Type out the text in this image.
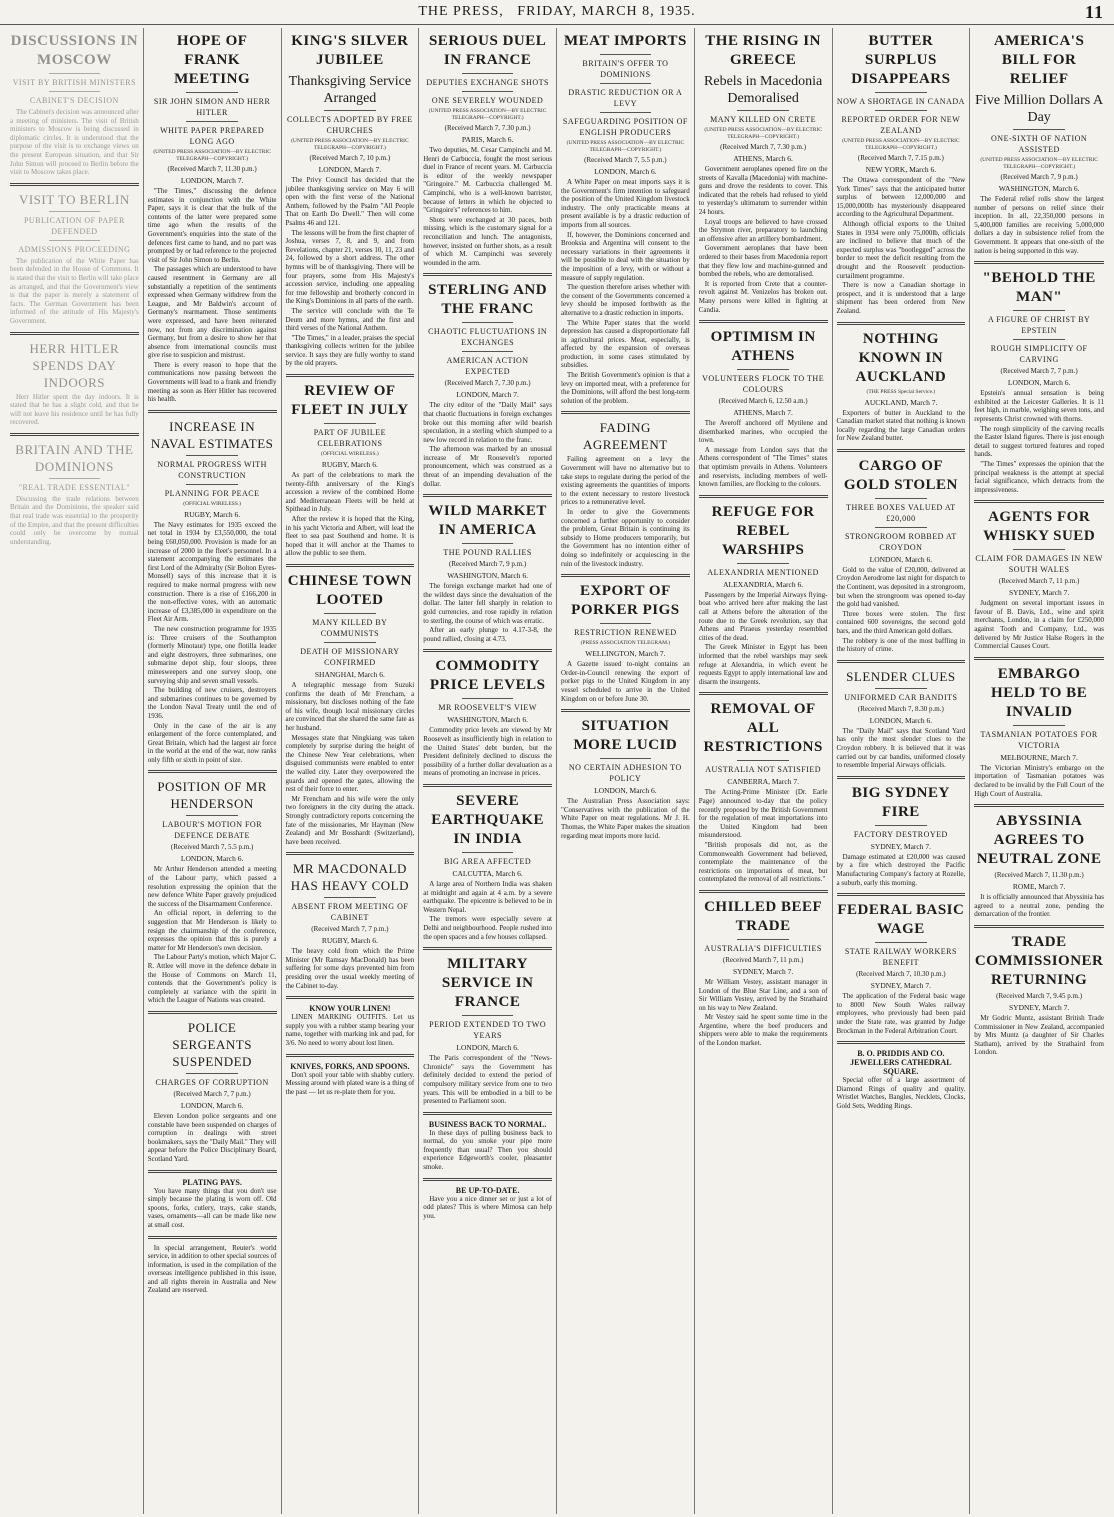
THE PRESS,
FRIDAY, MARCH 8, 1935.	11
DISCUSSIONS IN MOSCOW
VISIT BY BRITISH MINISTERS
CABINET'S DECISION

The Cabinet's decision was announced after a meeting of ministers. The visit of British ministers to Moscow is being discussed in diplomatic circles. It is understood that the purpose of the visit is to exchange views on the present European situation, and that Sir John Simon will proceed to Berlin before the visit to Moscow takes place.

VISIT TO BERLIN
PUBLICATION OF PAPER DEFENDED
ADMISSIONS PROCEEDING

The publication of the White Paper has been defended in the House of Commons. It is stated that the visit to Berlin will take place as arranged, and that the Government's view is that the paper is merely a statement of facts. The German Government has been informed of the attitude of His Majesty's Government.

HERR HITLER SPENDS DAY INDOORS

Herr Hitler spent the day indoors. It is stated that he has a slight cold, and that he will not leave his residence until he has fully recovered.

BRITAIN AND THE DOMINIONS
"REAL TRADE ESSENTIAL"

Discussing the trade relations between Britain and the Dominions, the speaker said that real trade was essential to the prosperity of the Empire, and that the present difficulties could only be overcome by mutual understanding.

HOPE OF FRANK MEETING
SIR JOHN SIMON AND HERR HITLER
WHITE PAPER PREPARED LONG AGO
(UNITED PRESS ASSOCIATION—BY ELECTRIC TELEGRAPH—COPYRIGHT.)
(Received March 7, 11.30 p.m.)
LONDON, March 7.

"The Times," discussing the defence estimates in conjunction with the White Paper, says it is clear that the bulk of the contents of the latter were prepared some time ago when the results of the Government's enquiries into the state of the defences first came to hand, and no part was prompted by or had reference to the projected visit of Sir John Simon to Berlin.

The passages which are understood to have caused resentment in Germany are all substantially a repetition of the sentiments expressed when Germany withdrew from the League, and Mr Baldwin's account of Germany's rearmament. Those sentiments were expressed, and have been reiterated now, not from any discrimination against Germany, but from a desire to show her that absence from international councils must give rise to suspicion and mistrust.

There is every reason to hope that the communications now passing between the Governments will lead to a frank and friendly meeting as soon as Herr Hitler has recovered his health.

INCREASE IN NAVAL ESTIMATES
NORMAL PROGRESS WITH CONSTRUCTION
PLANNING FOR PEACE
(OFFICIAL WIRELESS.)
RUGBY, March 6.

The Navy estimates for 1935 exceed the net total in 1934 by £3,550,000, the total being £60,050,000. Provision is made for an increase of 2000 in the fleet's personnel. In a statement accompanying the estimates the first Lord of the Admiralty (Sir Bolton Eyres-Monsell) says of this increase that it is required to make normal progress with new construction. There is a rise of £166,200 in the non-effective votes, with an automatic increase of £3,385,000 in expenditure on the Fleet Air Arm.

The new construction programme for 1935 is: Three cruisers of the Southampton (formerly Minotaur) type, one flotilla leader and eight destroyers, three submarines, one submarine depot ship, four sloops, three minesweepers and one survey sloop, one surveying ship and seven small vessels.

The building of new cruisers, destroyers and submarines continues to be governed by the London Naval Treaty until the end of 1936.

Only in the case of the air is any enlargement of the force contemplated, and Great Britain, which had the largest air force in the world at the end of the war, now ranks only fifth or sixth in point of size.

POSITION OF MR HENDERSON
LABOUR'S MOTION FOR DEFENCE DEBATE
(Received March 7, 5.5 p.m.)
LONDON, March 6.

Mr Arthur Henderson attended a meeting of the Labour party, which passed a resolution expressing the opinion that the new defence White Paper gravely prejudiced the success of the Disarmament Conference.

An official report, in deferring to the suggestion that Mr Henderson is likely to resign the chairmanship of the conference, expresses the opinion that this is purely a matter for Mr Henderson's own decision.

The Labour Party's motion, which Major C. R. Attlee will move in the defence debate in the House of Commons on March 11, contends that the Government's policy is completely at variance with the spirit in which the League of Nations was created.

POLICE SERGEANTS SUSPENDED
CHARGES OF CORRUPTION
(Received March 7, 7 p.m.)
LONDON, March 6.

Eleven London police sergeants and one constable have been suspended on charges of corruption in dealings with street bookmakers, says the "Daily Mail." They will appear before the Police Disciplinary Board, Scotland Yard.

PLATING PAYS.

You have many things that you don't use simply because the plating is worn off. Old spoons, forks, cutlery, trays, cake stands, vases, ornaments—all can be made like new at small cost.

In special arrangement, Reuter's world service, in addition to other special sources of information, is used in the compilation of the overseas intelligence published in this issue, and all rights therein in Australia and New Zealand are reserved.

KING'S SILVER JUBILEE
Thanksgiving Service Arranged
COLLECTS ADOPTED BY FREE CHURCHES
(UNITED PRESS ASSOCIATION—BY ELECTRIC TELEGRAPH—COPYRIGHT.)
(Received March 7, 10 p.m.)
LONDON, March 7.

The Privy Council has decided that the jubilee thanksgiving service on May 6 will open with the first verse of the National Anthem, followed by the Psalm "All People That on Earth Do Dwell." Then will come Psalms 46 and 121.

The lessons will be from the first chapter of Joshua, verses 7, 8, and 9, and from Revelations, chapter 21, verses 10, 11, 23 and 24, followed by a short address. The other hymns will be of thanksgiving. There will be four prayers, some from His Majesty's accession service, including one appealing for true fellowship and brotherly concord in the King's Dominions in all parts of the earth.

The service will conclude with the Te Deum and more hymns, and the first and third verses of the National Anthem.

"The Times," in a leader, praises the special thanksgiving collects written for the jubilee service. It says they are fully worthy to stand by the old prayers.

REVIEW OF FLEET IN JULY
PART OF JUBILEE CELEBRATIONS
(OFFICIAL WIRELESS.)
RUGBY, March 6.

As part of the celebrations to mark the twenty-fifth anniversary of the King's accession a review of the combined Home and Mediterranean Fleets will be held at Spithead in July.

After the review it is hoped that the King, in his yacht Victoria and Albert, will lead the fleet to sea past Southend and home. It is hoped that it will anchor at the Thames to allow the public to see them.

CHINESE TOWN LOOTED
MANY KILLED BY COMMUNISTS
DEATH OF MISSIONARY CONFIRMED
SHANGHAI, March 6.

A telegraphic message from Suzuki confirms the death of Mr Frencham, a missionary, but discloses nothing of the fate of his wife, though local missionary circles are convinced that she shared the same fate as her husband.

Messages state that Ningkiang was taken completely by surprise during the height of the Chinese New Year celebrations, when disguised communists were enabled to enter the walled city. Later they overpowered the guards and opened the gates, allowing the rest of their force to enter.

Mr Frencham and his wife were the only two foreigners in the city during the attack. Strongly contradictory reports concerning the fate of the missionaries, Mr Hayman (New Zealand) and Mr Bosshardt (Switzerland), have been received.

MR MACDONALD HAS HEAVY COLD
ABSENT FROM MEETING OF CABINET
(Received March 7, 7 p.m.)
RUGBY, March 6.

The heavy cold from which the Prime Minister (Mr Ramsay MacDonald) has been suffering for some days prevented him from presiding over the usual weekly meeting of the Cabinet to-day.

KNOW YOUR LINEN!

LINEN MARKING OUTFITS. Let us supply you with a rubber stamp bearing your name, together with marking ink and pad, for 3/6. No need to worry about lost linen.

KNIVES, FORKS, AND SPOONS.

Don't spoil your table with shabby cutlery. Messing around with plated ware is a thing of the past — let us re-plate them for you.

SERIOUS DUEL IN FRANCE
DEPUTIES EXCHANGE SHOTS
ONE SEVERELY WOUNDED
(UNITED PRESS ASSOCIATION—BY ELECTRIC TELEGRAPH—COPYRIGHT.)
(Received March 7, 7.30 p.m.)
PARIS, March 6.

Two deputies, M. Cesar Campinchi and M. Henri de Carbuccia, fought the most serious duel in France of recent years. M. Carbuccia is editor of the weekly newspaper "Gringoire." M. Carbuccia challenged M. Campinchi, who is a well-known barrister, because of letters in which he objected to "Gringoire's" references to him.

Shots were exchanged at 30 paces, both missing, which is the customary signal for a reconciliation and lunch. The antagonists, however, insisted on further shots, as a result of which M. Campinchi was severely wounded in the arm.

STERLING AND THE FRANC
CHAOTIC FLUCTUATIONS IN EXCHANGES
AMERICAN ACTION EXPECTED
(Received March 7, 7.30 p.m.)
LONDON, March 7.

The city editor of the "Daily Mail" says that chaotic fluctuations in foreign exchanges broke out this morning after wild bearish speculation, in a sterling which slumped to a new low record in relation to the franc.

The afternoon was marked by an unusual increase of Mr Roosevelt's reported pronouncement, which was construed as a threat of an impending devaluation of the dollar.

WILD MARKET IN AMERICA
THE POUND RALLIES
(Received March 7, 9 p.m.)
WASHINGTON, March 6.

The foreign exchange market had one of the wildest days since the devaluation of the dollar. The latter fell sharply in relation to gold currencies, and rose rapidly in relation to sterling, the course of which was erratic.

After an early plunge to 4.17-3-8, the pound rallied, closing at 4.73.

COMMODITY PRICE LEVELS
MR ROOSEVELT'S VIEW
WASHINGTON, March 6.

Commodity price levels are viewed by Mr Roosevelt as insufficiently high in relation to the United States' debt burden, but the President definitely declined to discuss the possibility of a further dollar devaluation as a means of promoting an increase in prices.

SEVERE EARTHQUAKE IN INDIA
BIG AREA AFFECTED
CALCUTTA, March 6.

A large area of Northern India was shaken at midnight and again at 4 a.m. by a severe earthquake. The epicentre is believed to be in Western Nepal.

The tremors were especially severe at Delhi and neighbourhood. People rushed into the open spaces and a few houses collapsed.

MILITARY SERVICE IN FRANCE
PERIOD EXTENDED TO TWO YEARS
LONDON, March 6.

The Paris correspondent of the "News-Chronicle" says the Government has definitely decided to extend the period of compulsory military service from one to two years. This will be embodied in a bill to be presented to Parliament soon.

BUSINESS BACK TO NORMAL.

In these days of pulling business back to normal, do you smoke your pipe more frequently than usual? Then you should experience Edgeworth's cooler, pleasanter smoke.

BE UP-TO-DATE.

Have you a nice dinner set or just a lot of odd plates? This is where Mimosa can help you.

MEAT IMPORTS
BRITAIN'S OFFER TO DOMINIONS
DRASTIC REDUCTION OR A LEVY
SAFEGUARDING POSITION OF ENGLISH PRODUCERS
(UNITED PRESS ASSOCIATION—BY ELECTRIC TELEGRAPH—COPYRIGHT.)
(Received March 7, 5.5 p.m.)
LONDON, March 6.

A White Paper on meat imports says it is the Government's firm intention to safeguard the position of the United Kingdom livestock industry. The only practicable means at present available is by a drastic reduction of imports from all sources.

If, however, the Dominions concerned and Brooksia and Argentina will consent to the necessary variations in their agreements it will be possible to deal with the situation by the imposition of a levy, with or without a measure of supply regulation.

The question therefore arises whether with the consent of the Governments concerned a levy should be imposed forthwith as the alternative to a drastic reduction in imports.

The White Paper states that the world depression has caused a disproportionate fall in agricultural prices. Meat, especially, is affected by the expansion of overseas production, in some cases stimulated by subsidies.

The British Government's opinion is that a levy on imported meat, with a preference for the Dominions, will afford the best long-term solution of the problem.

FADING AGREEMENT

Failing agreement on a levy the Government will have no alternative but to take steps to regulate during the period of the existing agreements the quantities of imports to the extent necessary to restore livestock prices to a remunerative level.

In order to give the Governments concerned a further opportunity to consider the problem, Great Britain is continuing its subsidy to Home producers temporarily, but the Government has no intention either of doing so indefinitely or acquiescing in the ruin of the livestock industry.

EXPORT OF PORKER PIGS
RESTRICTION RENEWED
(PRESS ASSOCIATION TELEGRAM.)
WELLINGTON, March 7.

A Gazette issued to-night contains an Order-in-Council renewing the export of porker pigs to the United Kingdom in any vessel scheduled to arrive in the United Kingdom on or before June 30.

SITUATION MORE LUCID
NO CERTAIN ADHESION TO POLICY
LONDON, March 6.

The Australian Press Association says: "Conservatives with the publication of the White Paper on meat regulations. Mr J. H. Thomas, the White Paper makes the situation regarding meat imports more lucid.

THE RISING IN GREECE
Rebels in Macedonia Demoralised
MANY KILLED ON CRETE
(UNITED PRESS ASSOCIATION—BY ELECTRIC TELEGRAPH—COPYRIGHT.)
(Received March 7, 7.30 p.m.)
ATHENS, March 6.

Government aeroplanes opened fire on the streets of Kavalla (Macedonia) with machine-guns and drove the residents to cover. This indicated that the rebels had refused to yield to yesterday's ultimatum to surrender within 24 hours.

Loyal troops are believed to have crossed the Strymon river, preparatory to launching an offensive after an artillery bombardment.

Government aeroplanes that have been ordered to their bases from Macedonia report that they flew low and machine-gunned and bombed the rebels, who are demoralised.

It is reported from Crete that a counter-revolt against M. Venizelos has broken out. Many persons were killed in fighting at Candia.

OPTIMISM IN ATHENS
VOLUNTEERS FLOCK TO THE COLOURS
(Received March 6, 12.50 a.m.)
ATHENS, March 7.

The Averoff anchored off Mytilene and disembarked marines, who occupied the town.

A message from London says that the Athens correspondent of "The Times" states that optimism prevails in Athens. Volunteers and reservists, including members of well-known families, are flocking to the colours.

REFUGE FOR REBEL WARSHIPS
ALEXANDRIA MENTIONED
ALEXANDRIA, March 6.

Passengers by the Imperial Airways flying-boat who arrived here after making the last call at Athens before the alteration of the route due to the Greek revolution, say that Athens and Piraeus yesterday resembled cities of the dead.

The Greek Minister in Egypt has been informed that the rebel warships may seek refuge at Alexandria, in which event he requests Egypt to apply international law and disarm the insurgents.

REMOVAL OF ALL RESTRICTIONS
AUSTRALIA NOT SATISFIED
CANBERRA, March 7.

The Acting-Prime Minister (Dr. Earle Page) announced to-day that the policy recently proposed by the British Government for the regulation of meat importations into the United Kingdom had been misunderstood.

"British proposals did not, as the Commonwealth Government had believed, contemplate the maintenance of the restrictions on importations of meat, but contemplated the removal of all restrictions."

CHILLED BEEF TRADE
AUSTRALIA'S DIFFICULTIES
(Received March 7, 11 p.m.)
SYDNEY, March 7.

Mr William Vestey, assistant manager in London of the Blue Star Line, and a son of Sir William Vestey, arrived by the Strathaird on his way to New Zealand.

Mr Vestey said he spent some time in the Argentine, where the beef producers and shippers were able to make the requirements of the London market.

BUTTER SURPLUS DISAPPEARS
NOW A SHORTAGE IN CANADA
REPORTED ORDER FOR NEW ZEALAND
(UNITED PRESS ASSOCIATION—BY ELECTRIC TELEGRAPH—COPYRIGHT.)
(Received March 7, 7.15 p.m.)
NEW YORK, March 6.

The Ottawa correspondent of the "New York Times" says that the anticipated butter surplus of between 12,000,000 and 15,000,000lb has mysteriously disappeared according to the Agricultural Department.

Although official exports to the United States in 1934 were only 75,000lb, officials are inclined to believe that much of the expected surplus was "bootlegged" across the border to meet the deficit resulting from the drought and the Roosevelt production-curtailment programme.

There is now a Canadian shortage in prospect, and it is understood that a large shipment has been ordered from New Zealand.

NOTHING KNOWN IN AUCKLAND
(THE PRESS Special Service.)
AUCKLAND, March 7.

Exporters of butter in Auckland to the Canadian market stated that nothing is known locally regarding the large Canadian orders for New Zealand butter.

CARGO OF GOLD STOLEN
THREE BOXES VALUED AT £20,000
STRONGROOM ROBBED AT CROYDON
LONDON, March 6.

Gold to the value of £20,000, delivered at Croydon Aerodrome last night for dispatch to the Continent, was deposited in a strongroom, but when the strongroom was opened to-day the gold had vanished.

Three boxes were stolen. The first contained 600 sovereigns, the second gold bars, and the third American gold dollars.

The robbery is one of the most baffling in the history of crime.

SLENDER CLUES
UNIFORMED CAR BANDITS
(Received March 7, 8.30 p.m.)
LONDON, March 6.

The "Daily Mail" says that Scotland Yard has only the most slender clues to the Croydon robbery. It is believed that it was carried out by car bandits, uniformed closely to resemble Imperial Airways officials.

BIG SYDNEY FIRE
FACTORY DESTROYED
SYDNEY, March 7.

Damage estimated at £20,000 was caused by a fire which destroyed the Pacific Manufacturing Company's factory at Rozelle, a suburb, early this morning.

FEDERAL BASIC WAGE
STATE RAILWAY WORKERS BENEFIT
(Received March 7, 10.30 p.m.)
SYDNEY, March 7.

The application of the Federal basic wage to 8000 New South Wales railway employees, who previously had been paid under the State rate, was granted by Judge Brockman in the Federal Arbitration Court.

B. O. PRIDDIS AND CO. JEWELLERS CATHEDRAL SQUARE.

Special offer of a large assortment of Diamond Rings of quality and quality. Wristlet Watches, Bangles, Necklets, Clocks, Gold Sets, Wedding Rings.

AMERICA'S BILL FOR RELIEF
Five Million Dollars A Day
ONE-SIXTH OF NATION ASSISTED
(UNITED PRESS ASSOCIATION—BY ELECTRIC TELEGRAPH—COPYRIGHT.)
(Received March 7, 9 p.m.)
WASHINGTON, March 6.

The Federal relief rolls show the largest number of persons on relief since their inception. In all, 22,350,000 persons in 5,400,000 families are receiving 5,000,000 dollars a day in subsistence relief from the Government. It appears that one-sixth of the nation is being supported in this way.

"BEHOLD THE MAN"
A FIGURE OF CHRIST BY EPSTEIN
ROUGH SIMPLICITY OF CARVING
(Received March 7, 7 p.m.)
LONDON, March 6.

Epstein's annual sensation is being exhibited at the Leicester Galleries. It is 11 feet high, in marble, weighing seven tons, and represents Christ crowned with thorns.

The rough simplicity of the carving recalls the Easter Island figures. There is just enough detail to suggest tortured features and roped hands.

"The Times" expresses the opinion that the principal weakness is the attempt at special facial significance, which detracts from the impressiveness.

AGENTS FOR WHISKY SUED
CLAIM FOR DAMAGES IN NEW SOUTH WALES
(Received March 7, 11 p.m.)
SYDNEY, March 7.

Judgment on several important issues in favour of B. Davis, Ltd., wine and spirit merchants, London, in a claim for £250,000 against Tooth and Company, Ltd., was delivered by Mr Justice Halse Rogers in the Commercial Causes Court.

EMBARGO HELD TO BE INVALID
TASMANIAN POTATOES FOR VICTORIA
MELBOURNE, March 7.

The Victorian Ministry's embargo on the importation of Tasmanian potatoes was declared to be invalid by the Full Court of the High Court of Australia.

ABYSSINIA AGREES TO NEUTRAL ZONE
(Received March 7, 11.30 p.m.)
ROME, March 7.

It is officially announced that Abyssinia has agreed to a neutral zone, pending the demarcation of the frontier.

TRADE COMMISSIONER RETURNING
(Received March 7, 9.45 p.m.)
SYDNEY, March 7.

Mr Godric Muntz, assistant British Trade Commissioner in New Zealand, accompanied by Mrs Muntz (a daughter of Sir Charles Statham), arrived by the Strathaird from London.
